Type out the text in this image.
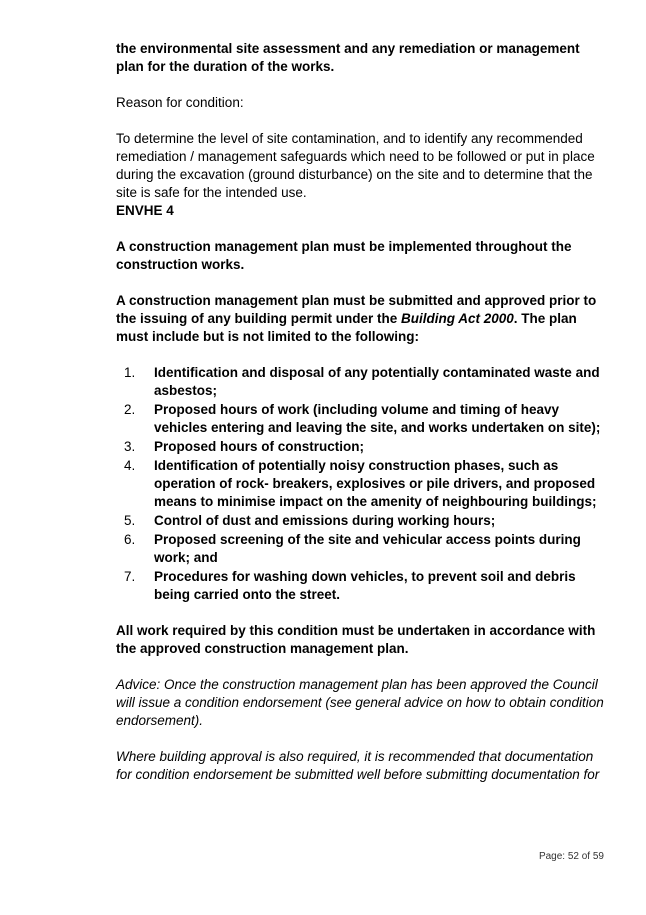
the environmental site assessment and any remediation or management plan for the duration of the works.

Reason for condition:

To determine the level of site contamination, and to identify any recommended remediation / management safeguards which need to be followed or put in place during the excavation (ground disturbance) on the site and to determine that the site is safe for the intended use.

ENVHE 4

A construction management plan must be implemented throughout the construction works.

A construction management plan must be submitted and approved prior to the issuing of any building permit under the Building Act 2000. The plan must include but is not limited to the following:

1.	Identification and disposal of any potentially contaminated waste and asbestos;
2.	Proposed hours of work (including volume and timing of heavy vehicles entering and leaving the site, and works undertaken on site);
3.	Proposed hours of construction;
4.	Identification of potentially noisy construction phases, such as operation of rock- breakers, explosives or pile drivers, and proposed means to minimise impact on the amenity of neighbouring buildings;
5.	Control of dust and emissions during working hours;
6.	Proposed screening of the site and vehicular access points during work; and
7.	Procedures for washing down vehicles, to prevent soil and debris being carried onto the street.

All work required by this condition must be undertaken in accordance with the approved construction management plan.

Advice: Once the construction management plan has been approved the Council will issue a condition endorsement (see general advice on how to obtain condition endorsement).

Where building approval is also required, it is recommended that documentation for condition endorsement be submitted well before submitting documentation for

Page: 52 of 59
